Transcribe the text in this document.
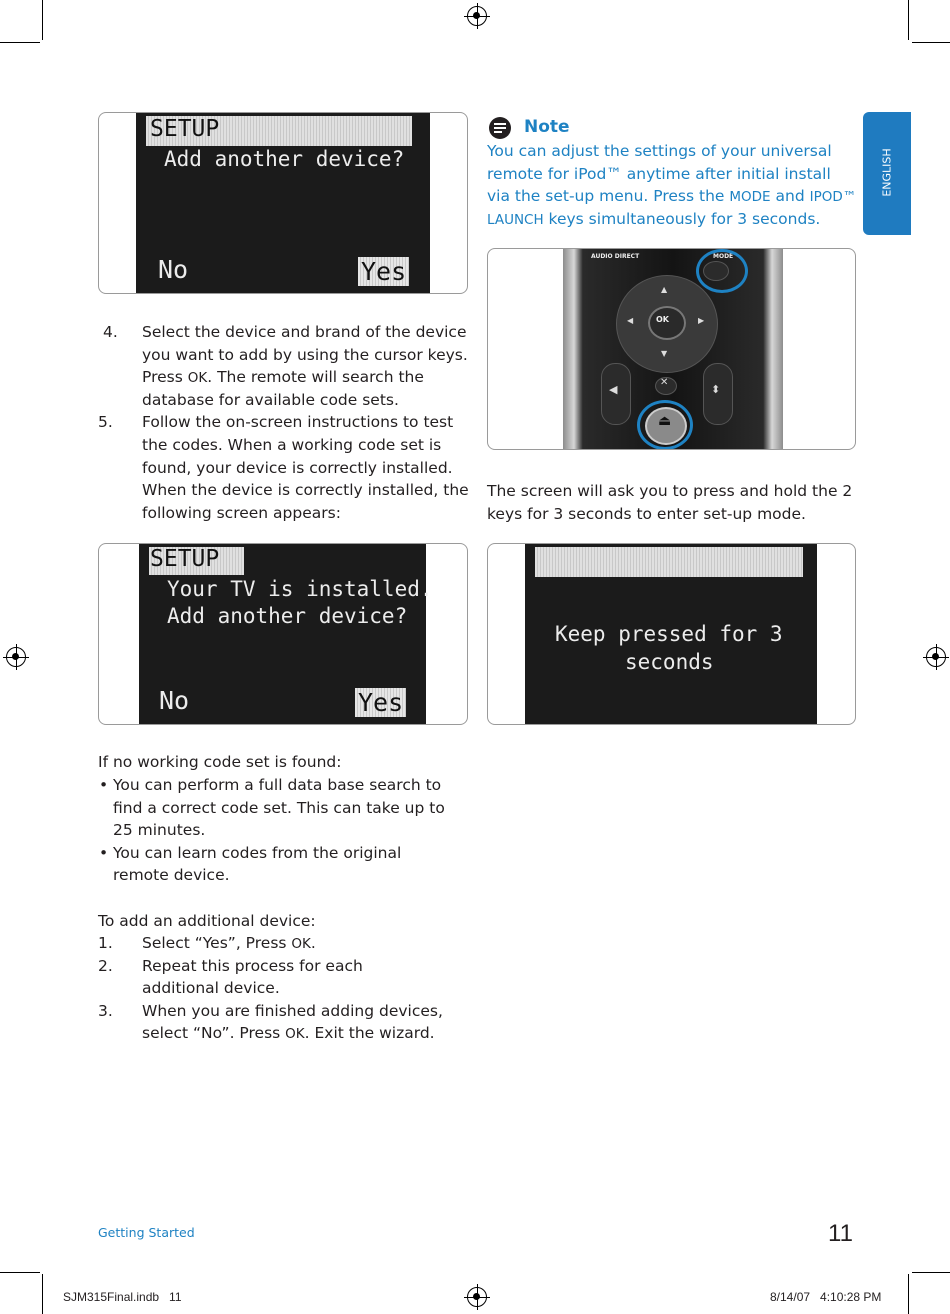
ENGLISH
SETUP
Add another device?
No	Yes
4. Select the device and brand of the device
you want to add by using the cursor keys.
Press OK. The remote will search the
database for available code sets.
5. Follow the on-screen instructions to test
the codes. When a working code set is
found, your device is correctly installed.
When the device is correctly installed, the
following screen appears:
SETUP
Your TV is installed.
Add another device?
No	Yes
If no working code set is found:
• You can perform a full data base search to
find a correct code set. This can take up to
25 minutes.
• You can learn codes from the original
remote device.
To add an additional device:
1. Select “Yes”, Press OK.
2. Repeat this process for each
additional device.
3. When you are finished adding devices,
select “No”. Press OK. Exit the wizard.
Note
You can adjust the settings of your universal
remote for iPod™ anytime after initial install
via the set-up menu. Press the MODE and IPOD™
LAUNCH keys simultaneously for 3 seconds.
AUDIO DIRECT	MODE
OK
▲
▼
◀	▶
◀	⬍
✕
⏏
The screen will ask you to press and hold the 2
keys for 3 seconds to enter set-up mode.
Keep pressed for 3
seconds
Getting Started	11
SJM315Final.indb   11	8/14/07   4:10:28 PM
